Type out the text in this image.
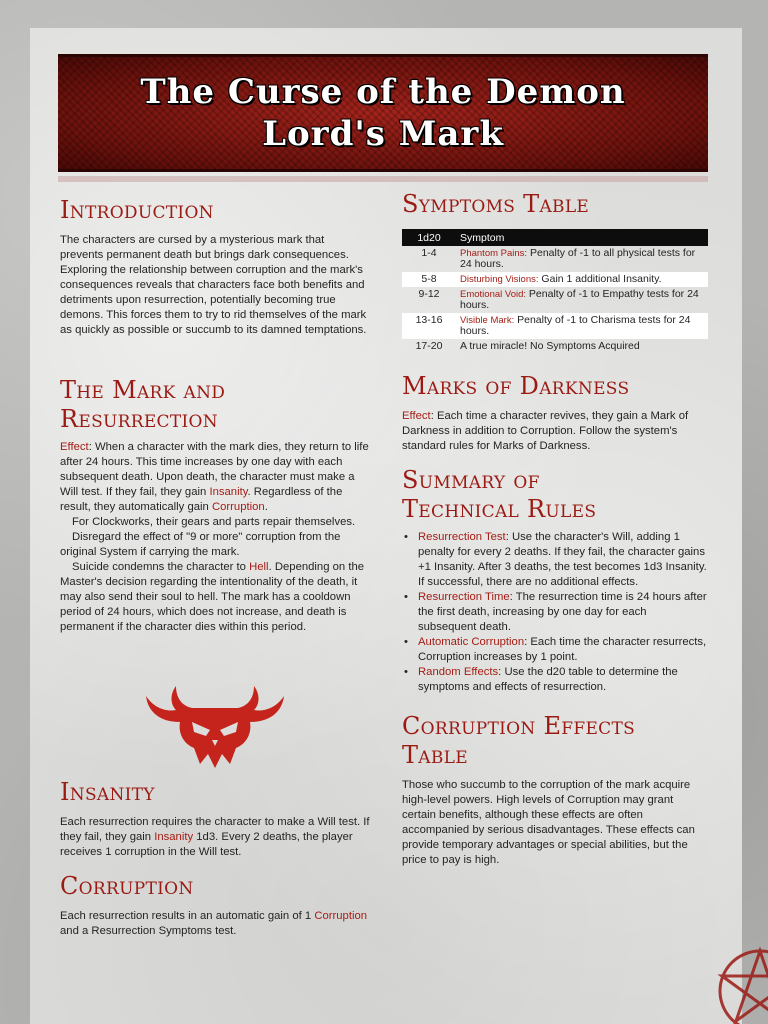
The Curse of the Demon
Lord's Mark
Introduction

The characters are cursed by a mysterious mark that prevents permanent death but brings dark consequences. Exploring the relationship between corruption and the mark's consequences reveals that characters face both benefits and detriments upon resurrection, potentially becoming true demons. This forces them to try to rid themselves of the mark as quickly as possible or succumb to its damned temptations.

The Mark and
Resurrection

Effect: When a character with the mark dies, they return to life after 24 hours. This time increases by one day with each subsequent death. Upon death, the character must make a Will test. If they fail, they gain Insanity. Regardless of the result, they automatically gain Corruption.

For Clockworks, their gears and parts repair themselves.

Disregard the effect of "9 or more" corruption from the original System if carrying the mark.

Suicide condemns the character to Hell. Depending on the Master's decision regarding the intentionality of the death, it may also send their soul to hell. The mark has a cooldown period of 24 hours, which does not increase, and death is permanent if the character dies within this period.

Insanity

Each resurrection requires the character to make a Will test. If they fail, they gain Insanity 1d3. Every 2 deaths, the player receives 1 corruption in the Will test.

Corruption

Each resurrection results in an automatic gain of 1 Corruption and a Resurrection Symptoms test.

Symptoms Table
1d20	Symptom
1-4	Phantom Pains: Penalty of -1 to all physical tests for 24 hours.
5-8	Disturbing Visions: Gain 1 additional Insanity.
9-12	Emotional Void: Penalty of -1 to Empathy tests for 24 hours.
13-16	Visible Mark: Penalty of -1 to Charisma tests for 24 hours.
17-20	A true miracle! No Symptoms Acquired
Marks of Darkness

Effect: Each time a character revives, they gain a Mark of Darkness in addition to Corruption. Follow the system's standard rules for Marks of Darkness.

Summary of
Technical Rules
• Resurrection Test: Use the character's Will, adding 1 penalty for every 2 deaths. If they fail, the character gains +1 Insanity. After 3 deaths, the test becomes 1d3 Insanity. If successful, there are no additional effects.
• Resurrection Time: The resurrection time is 24 hours after the first death, increasing by one day for each subsequent death.
• Automatic Corruption: Each time the character resurrects, Corruption increases by 1 point.
• Random Effects: Use the d20 table to determine the symptoms and effects of resurrection.
Corruption Effects
Table

Those who succumb to the corruption of the mark acquire high-level powers. High levels of Corruption may grant certain benefits, although these effects are often accompanied by serious disadvantages. These effects can provide temporary advantages or special abilities, but the price to pay is high.
